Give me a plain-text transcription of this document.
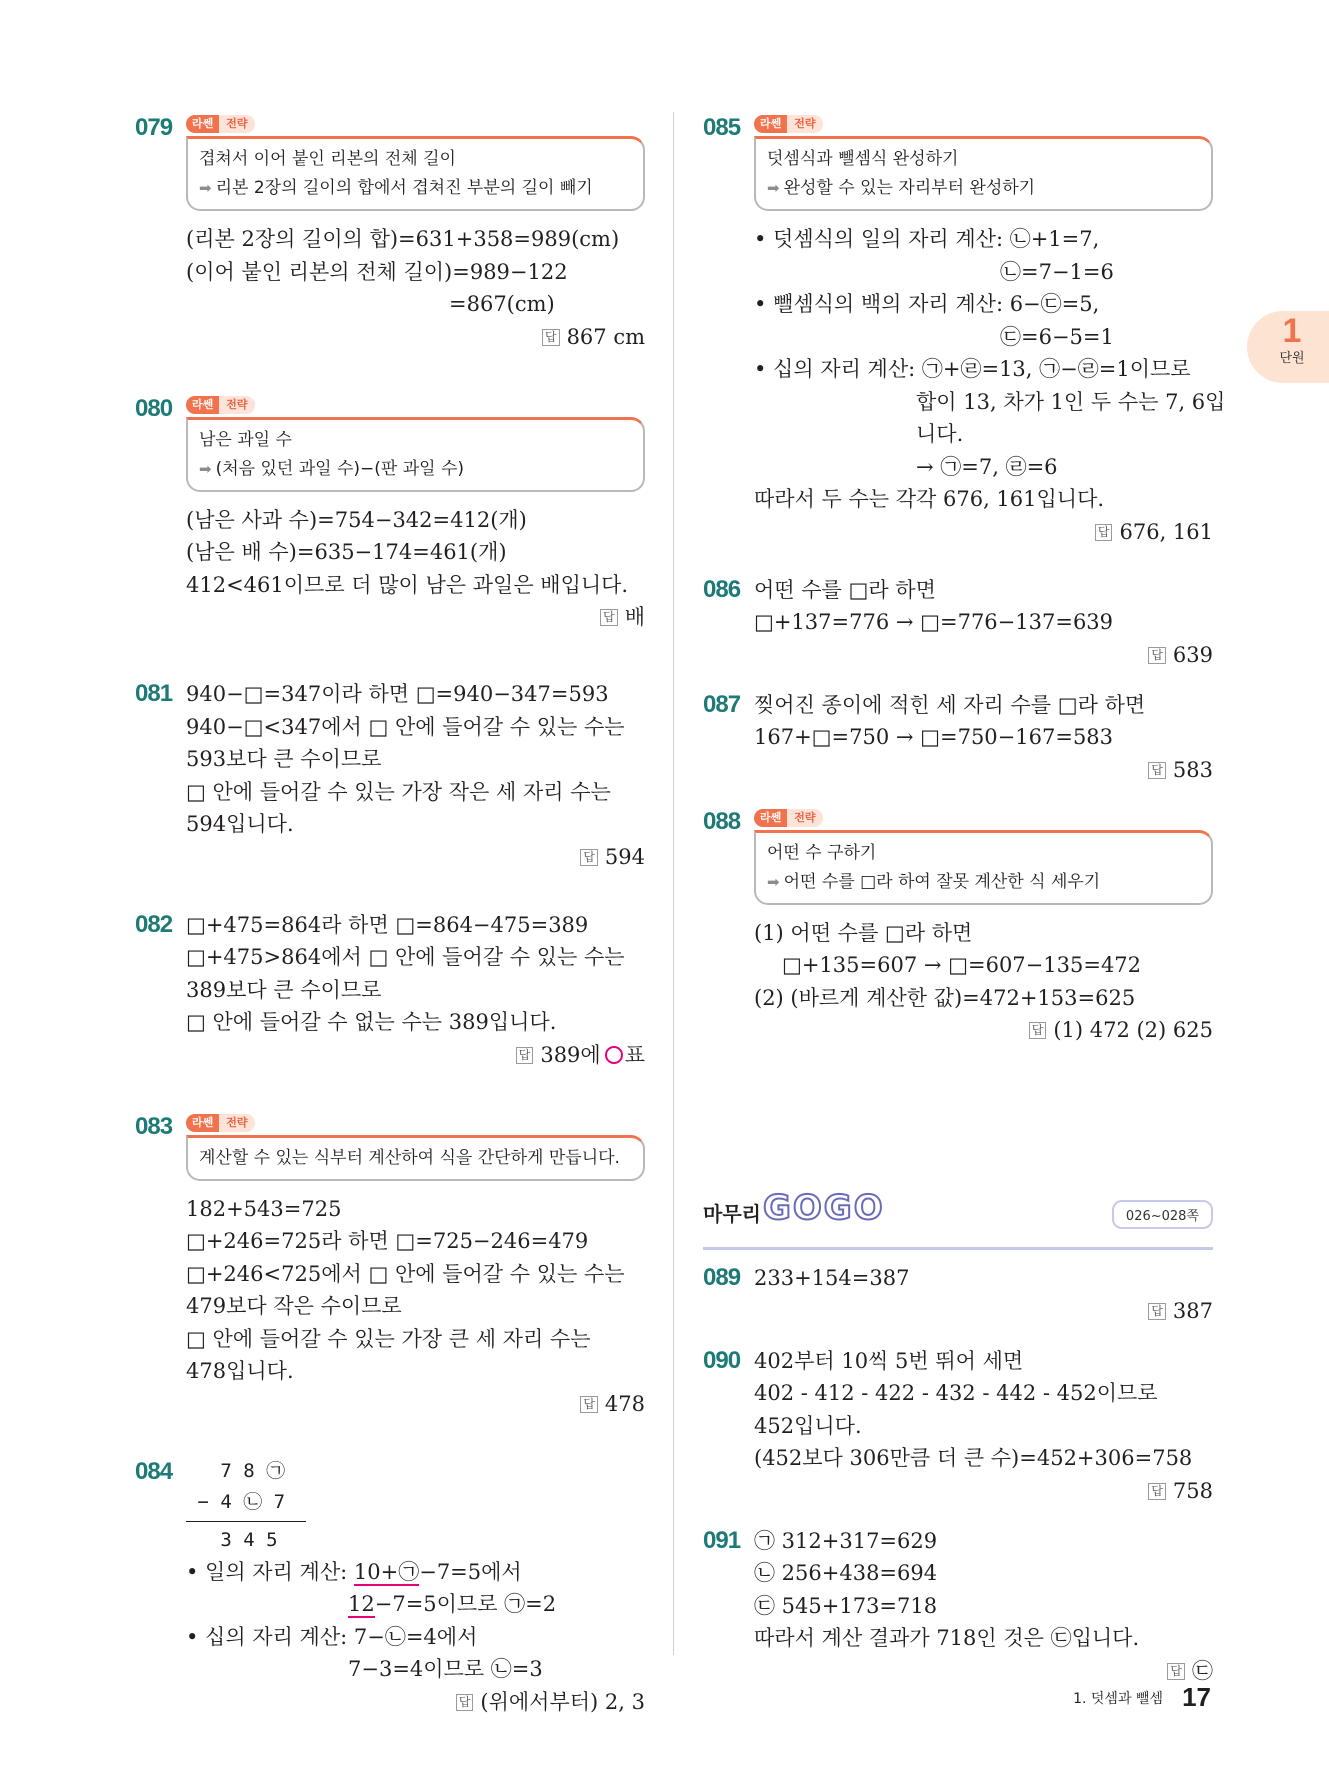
079	라쎈	전략
겹쳐서 이어 붙인 리본의 전체 길이
➡ 리본 2장의 길이의 합에서 겹쳐진 부분의 길이 빼기

(리본 2장의 길이의 합)=631+358=989(cm)

(이어 붙인 리본의 전체 길이)=989−122

=867(cm)

답 867 cm
080	라쎈	전략
남은 과일 수
➡ (처음 있던 과일 수)−(판 과일 수)

(남은 사과 수)=754−342=412(개)

(남은 배 수)=635−174=461(개)

412<461이므로 더 많이 남은 과일은 배입니다.

답 배
081 940−□=347이라 하면 □=940−347=593

940−□<347에서 □ 안에 들어갈 수 있는 수는

593보다 큰 수이므로

□ 안에 들어갈 수 있는 가장 작은 세 자리 수는

594입니다.

답 594
082 □+475=864라 하면 □=864−475=389

□+475>864에서 □ 안에 들어갈 수 있는 수는

389보다 큰 수이므로

□ 안에 들어갈 수 없는 수는 389입니다.

답 389에 ○ 표
083	라쎈	전략
계산할 수 있는 식부터 계산하여 식을 간단하게 만듭니다.

182+543=725

□+246=725라 하면 □=725−246=479

□+246<725에서 □ 안에 들어갈 수 있는 수는

479보다 작은 수이므로

□ 안에 들어갈 수 있는 가장 큰 세 자리 수는

478입니다.

답 478
084 7 8 ㉠
− 4 ㉡ 7
3 4 5

• 일의 자리 계산: 10+㉠−7=5에서

12−7=5이므로 ㉠=2

• 십의 자리 계산: 7−㉡=4에서

7−3=4이므로 ㉡=3

답 (위에서부터) 2, 3
085	라쎈	전략
덧셈식과 뺄셈식 완성하기
➡ 완성할 수 있는 자리부터 완성하기

• 덧셈식의 일의 자리 계산: ㉡+1=7,

㉡=7−1=6

• 뺄셈식의 백의 자리 계산: 6−㉢=5,

㉢=6−5=1

• 십의 자리 계산: ㉠+㉣=13, ㉠−㉣=1이므로

합이 13, 차가 1인 두 수는 7, 6입

니다.

→ ㉠=7, ㉣=6

따라서 두 수는 각각 676, 161입니다.

답 676, 161
086 어떤 수를 □라 하면

□+137=776 → □=776−137=639

답 639
087 찢어진 종이에 적힌 세 자리 수를 □라 하면

167+□=750 → □=750−167=583

답 583
088	라쎈	전략
어떤 수 구하기
➡ 어떤 수를 □라 하여 잘못 계산한 식 세우기

(1) 어떤 수를 □라 하면

□+135=607 → □=607−135=472

(2) (바르게 계산한 값)=472+153=625

답 (1) 472 (2) 625
마무리 GOGO	026~028쪽
089 233+154=387

답 387
090 402부터 10씩 5번 뛰어 세면

402 - 412 - 422 - 432 - 442 - 452이므로

452입니다.

(452보다 306만큼 더 큰 수)=452+306=758

답 758
091 ㉠ 312+317=629

㉡ 256+438=694

㉢ 545+173=718

따라서 계산 결과가 718인 것은 ㉢입니다.

답 ㉢
1
단원
1. 덧셈과 뺄셈 17
